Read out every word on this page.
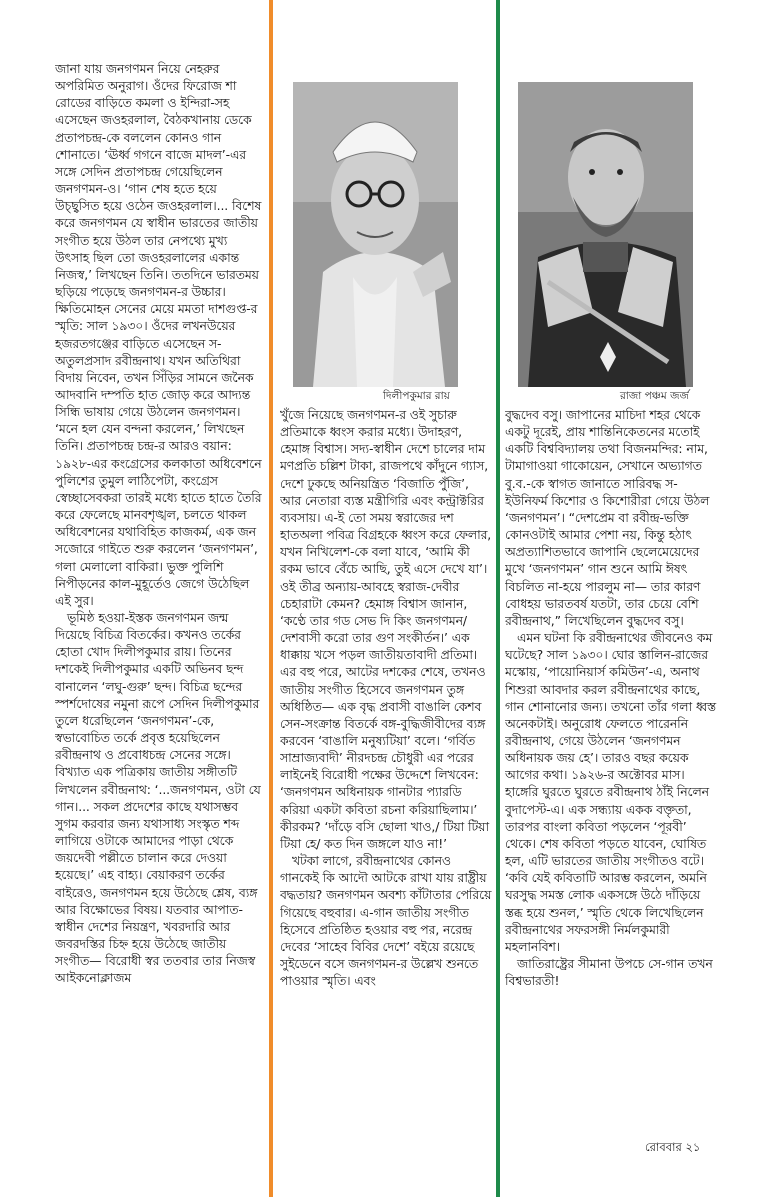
জানা যায় জনগণমন নিয়ে নেহরুর অপরিমিত অনুরাগ। ওঁদের ফিরোজ শা রোডের বাড়িতে কমলা ও ইন্দিরা-সহ এসেছেন জওহরলাল, বৈঠকখানায় ডেকে প্রতাপচন্দ্র-কে বললেন কোনও গান শোনাতে। ‘ঊর্ধ্ব গগনে বাজে মাদল’-এর সঙ্গে সেদিন প্রতাপচন্দ্র গেয়েছিলেন জনগণমন-ও। ‘গান শেষ হতে হয়ে উচ্ছ্বসিত হয়ে ওঠেন জওহরলাল।... বিশেষ করে জনগণমন যে স্বাধীন ভারতের জাতীয় সংগীত হয়ে উঠল তার নেপথ্যে মুখ্য উৎসাহ ছিল তো জওহরলালের একান্ত নিজস্ব,’ লিখছেন তিনি। ততদিনে ভারতময় ছড়িয়ে পড়েছে জনগণমন-র উচ্চার। ক্ষিতিমোহন সেনের মেয়ে মমতা দাশগুপ্ত-র স্মৃতি: সাল ১৯৩০। ওঁদের লখনউয়ের হজরতগঞ্জের বাড়িতে এসেছেন স-অতুলপ্রসাদ রবীন্দ্রনাথ। যখন অতিথিরা বিদায় নিবেন, তখন সিঁড়ির সামনে জনৈক আদবানি দম্পতি হাত জোড় করে আদ্যন্ত সিন্ধি ভাষায় গেয়ে উঠলেন জনগণমন। ‘মনে হল যেন বন্দনা করলেন,’ লিখছেন তিনি। প্রতাপচন্দ্র চন্দ্র-র আরও বয়ান: ১৯২৮-এর কংগ্রেসের কলকাতা অধিবেশনে পুলিশের তুমুল লাঠিপেটা, কংগ্রেস স্বেচ্ছাসেবকরা তারই মধ্যে হাতে হাতে তৈরি করে ফেলেছে মানবশৃঙ্খল, চলতে থাকল অধিবেশনের যথাবিহিত কাজকর্ম, এক জন সজোরে গাইতে শুরু করলেন ‘জনগণমন’, গলা মেলালো বাকিরা। ভুক্ত পুলিশি নিপীড়নের কাল-মুহূর্তেও জেগে উঠেছিল এই সুর।

ভূমিষ্ঠ হওয়া-ইস্তক জনগণমন জন্ম দিয়েছে বিচিত্র বিতর্কের। কখনও তর্কের হোতা খোদ দিলীপকুমার রায়। তিনের দশকেই দিলীপকুমার একটি অভিনব ছন্দ বানালেন ‘লঘু-গুরু’ ছন্দ। বিচিত্র ছন্দের স্পর্শদোষের নমুনা রূপে সেদিন দিলীপকুমার তুলে ধরেছিলেন ‘জনগণমন’-কে, স্বভাবোচিত তর্কে প্রবৃত্ত হয়েছিলেন রবীন্দ্রনাথ ও প্রবোধচন্দ্র সেনের সঙ্গে। বিখ্যাত এক পত্রিকায় জাতীয় সঙ্গীতটি লিখলেন রবীন্দ্রনাথ: ‘...জনগণমন, ওটা যে গান।... সকল প্রদেশের কাছে যথাসম্ভব সুগম করবার জন্য যথাসাধ্য সংস্কৃত শব্দ লাগিয়ে ওটাকে আমাদের পাড়া থেকে জয়দেবী পল্লীতে চালান করে দেওয়া হয়েছে।’ এহ বাহ্য। বেয়াকরণ তর্কের বাইরেও, জনগণমন হয়ে উঠেছে শ্লেষ, ব্যঙ্গ আর বিক্ষোভের বিষয়। যতবার আপাত-স্বাধীন দেশের নিয়ন্ত্রণ, খবরদারি আর জবরদস্তির চিহ্ন হয়ে উঠেছে জাতীয় সংগীত— বিরোধী স্বর ততবার তার নিজস্ব আইকনোক্লাজম

দিলীপকুমার রায়	রাজা পঞ্চম জর্জ

খুঁজে নিয়েছে জনগণমন-র ওই সুচারু প্রতিমাকে ধ্বংস করার মধ্যে। উদাহরণ, হেমাঙ্গ বিশ্বাস। সদ্য-স্বাধীন দেশে চালের দাম মণপ্রতি চল্লিশ টাকা, রাজপথে কাঁদুনে গ্যাস, দেশে ঢুকছে অনিয়ন্ত্রিত ‘বিজাতি পুঁজি’, আর নেতারা ব্যস্ত মন্ত্রীগিরি এবং কন্ট্রাক্টরির ব্যবসায়। এ-ই তো সময় স্বরাজের দশ হাতঅলা পবিত্র বিগ্রহকে ধ্বংস করে ফেলার, যখন নিখিলেশ-কে বলা যাবে, ‘আমি কী রকম ভাবে বেঁচে আছি, তুই এসে দেখে যা’। ওই তীব্র অন্যায়-আবহে স্বরাজ-দেবীর চেহারাটা কেমন? হেমাঙ্গ বিশ্বাস জানান, ‘কণ্ঠে তার গড সেভ দি কিং জনগণমন/ দেশবাসী করো তার গুণ সংকীর্তন।’ এক ধাক্কায় খসে পড়ল জাতীয়তাবাদী প্রতিমা। এর বহু পরে, আটের দশকের শেষে, তখনও জাতীয় সংগীত হিসেবে জনগণমন তুঙ্গ অধিষ্ঠিত— এক বৃদ্ধ প্রবাসী বাঙালি কেশব সেন-সংক্রান্ত বিতর্কে বঙ্গ-বুদ্ধিজীবীদের ব্যঙ্গ করবেন ‘বাঙালি মনুষ্যটিয়া’ বলে। ‘গর্বিত সাম্রাজ্যবাদী’ নীরদচন্দ্র চৌধুরী এর পরের লাইনেই বিরোধী পক্ষের উদ্দেশে লিখবেন: ‘জনগণমন অধিনায়ক গানটার প্যারডি করিয়া একটা কবিতা রচনা করিয়াছিলাম।’ কীরকম? ‘দাঁড়ে বসি ছোলা খাও,/ টিয়া টিয়া টিয়া হে/ কত দিন জঙ্গলে যাও না!’

খটকা লাগে, রবীন্দ্রনাথের কোনও গানকেই কি আদৌ আটকে রাখা যায় রাষ্ট্রীয় বদ্ধতায়? জনগণমন অবশ্য কাঁটাতার পেরিয়ে গিয়েছে বহুবার। এ-গান জাতীয় সংগীত হিসেবে প্রতিষ্ঠিত হওয়ার বহু পর, নরেন্দ্র দেবের ‘সাহেব বিবির দেশে’ বইয়ে রয়েছে সুইডেনে বসে জনগণমন-র উল্লেখ শুনতে পাওয়ার স্মৃতি। এবং

বুদ্ধদেব বসু। জাপানের মাচিদা শহর থেকে একটু দূরেই, প্রায় শান্তিনিকেতনের মতোই একটি বিশ্ববিদ্যালয় তথা বিজনমন্দির: নাম, টামাগাওয়া গাকোয়েন, সেখানে অভ্যাগত বু.ব.-কে স্বাগত জানাতে সারিবদ্ধ স-ইউনিফর্ম কিশোর ও কিশোরীরা গেয়ে উঠল ‘জনগণমন’। “দেশপ্রেম বা রবীন্দ্র-ভক্তি কোনওটাই আমার পেশা নয়, কিন্তু হঠাৎ অপ্রত্যাশিতভাবে জাপানি ছেলেমেয়েদের মুখে ‘জনগণমন’ গান শুনে আমি ঈষৎ বিচলিত না-হয়ে পারলুম না— তার কারণ বোধহয় ভারতবর্ষ যতটা, তার চেয়ে বেশি রবীন্দ্রনাথ,” লিখেছিলেন বুদ্ধদেব বসু।

এমন ঘটনা কি রবীন্দ্রনাথের জীবনেও কম ঘটেছে? সাল ১৯৩০। ঘোর স্তালিন-রাজের মস্কোয়, ‘পায়োনিয়ার্স কমিউন’-এ, অনাথ শিশুরা আবদার করল রবীন্দ্রনাথের কাছে, গান শোনানোর জন্য। তখনো তাঁর গলা ধ্বস্ত অনেকটাই। অনুরোধ ফেলতে পারেননি রবীন্দ্রনাথ, গেয়ে উঠলেন ‘জনগণমন অধিনায়ক জয় হে’। তারও বছর কয়েক আগের কথা। ১৯২৬-র অক্টোবর মাস। হাঙ্গেরি ঘুরতে ঘুরতে রবীন্দ্রনাথ ঠাঁই নিলেন বুদাপেস্ট-এ। এক সন্ধ্যায় একক বক্তৃতা, তারপর বাংলা কবিতা পড়লেন ‘পূরবী’ থেকে। শেষ কবিতা পড়তে যাবেন, ঘোষিত হল, এটি ভারতের জাতীয় সংগীতও বটে। ‘কবি যেই কবিতাটি আরম্ভ করলেন, অমনি ঘরসুদ্ধ সমস্ত লোক একসঙ্গে উঠে দাঁড়িয়ে স্তব্ধ হয়ে শুনল,’ স্মৃতি থেকে লিখেছিলেন রবীন্দ্রনাথের সফরসঙ্গী নির্মলকুমারী মহলানবিশ।

জাতিরাষ্ট্রের সীমানা উপচে সে-গান তখন বিশ্বভারতী!

রোববার ২১
